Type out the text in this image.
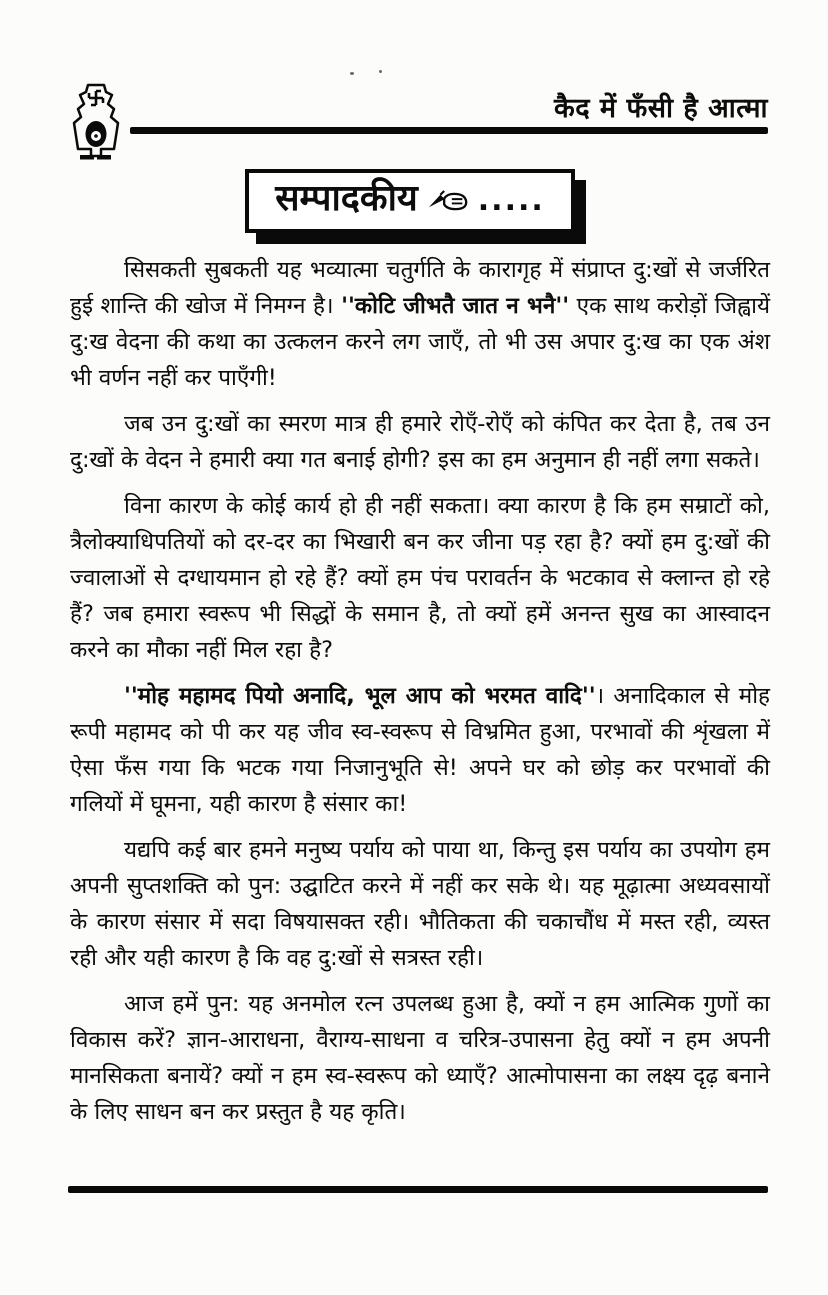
कैद में फँसी है आत्मा
सम्पादकीय .....

सिसकती सुबकती यह भव्यात्मा चतुर्गति के कारागृह में संप्राप्त दु:खों से जर्जरित हुई शान्ति की खोज में निमग्न है। ''कोटि जीभतै जात न भनै'' एक साथ करोड़ों जिह्वायें दु:ख वेदना की कथा का उत्कलन करने लग जाएँ, तो भी उस अपार दु:ख का एक अंश भी वर्णन नहीं कर पाएँगी!

जब उन दु:खों का स्मरण मात्र ही हमारे रोएँ-रोएँ को कंपित कर देता है, तब उन दु:खों के वेदन ने हमारी क्या गत बनाई होगी? इस का हम अनुमान ही नहीं लगा सकते।

विना कारण के कोई कार्य हो ही नहीं सकता। क्या कारण है कि हम सम्राटों को, त्रैलोक्याधिपतियों को दर-दर का भिखारी बन कर जीना पड़ रहा है? क्यों हम दु:खों की ज्वालाओं से दग्धायमान हो रहे हैं? क्यों हम पंच परावर्तन के भटकाव से क्लान्त हो रहे हैं? जब हमारा स्वरूप भी सिद्धों के समान है, तो क्यों हमें अनन्त सुख का आस्वादन करने का मौका नहीं मिल रहा है?

''मोह महामद पियो अनादि, भूल आप को भरमत वादि''। अनादिकाल से मोह रूपी महामद को पी कर यह जीव स्व-स्वरूप से विभ्रमित हुआ, परभावों की शृंखला में ऐसा फँस गया कि भटक गया निजानुभूति से! अपने घर को छोड़ कर परभावों की गलियों में घूमना, यही कारण है संसार का!

यद्यपि कई बार हमने मनुष्य पर्याय को पाया था, किन्तु इस पर्याय का उपयोग हम अपनी सुप्तशक्ति को पुन: उद्घाटित करने में नहीं कर सके थे। यह मूढ़ात्मा अध्यवसायों के कारण संसार में सदा विषयासक्त रही। भौतिकता की चकाचौंध में मस्त रही, व्यस्त रही और यही कारण है कि वह दु:खों से सत्रस्त रही।

आज हमें पुन: यह अनमोल रत्न उपलब्ध हुआ है, क्यों न हम आत्मिक गुणों का विकास करें? ज्ञान-आराधना, वैराग्य-साधना व चरित्र-उपासना हेतु क्यों न हम अपनी मानसिकता बनायें? क्यों न हम स्व-स्वरूप को ध्याएँ? आत्मोपासना का लक्ष्य दृढ़ बनाने के लिए साधन बन कर प्रस्तुत है यह कृति।
